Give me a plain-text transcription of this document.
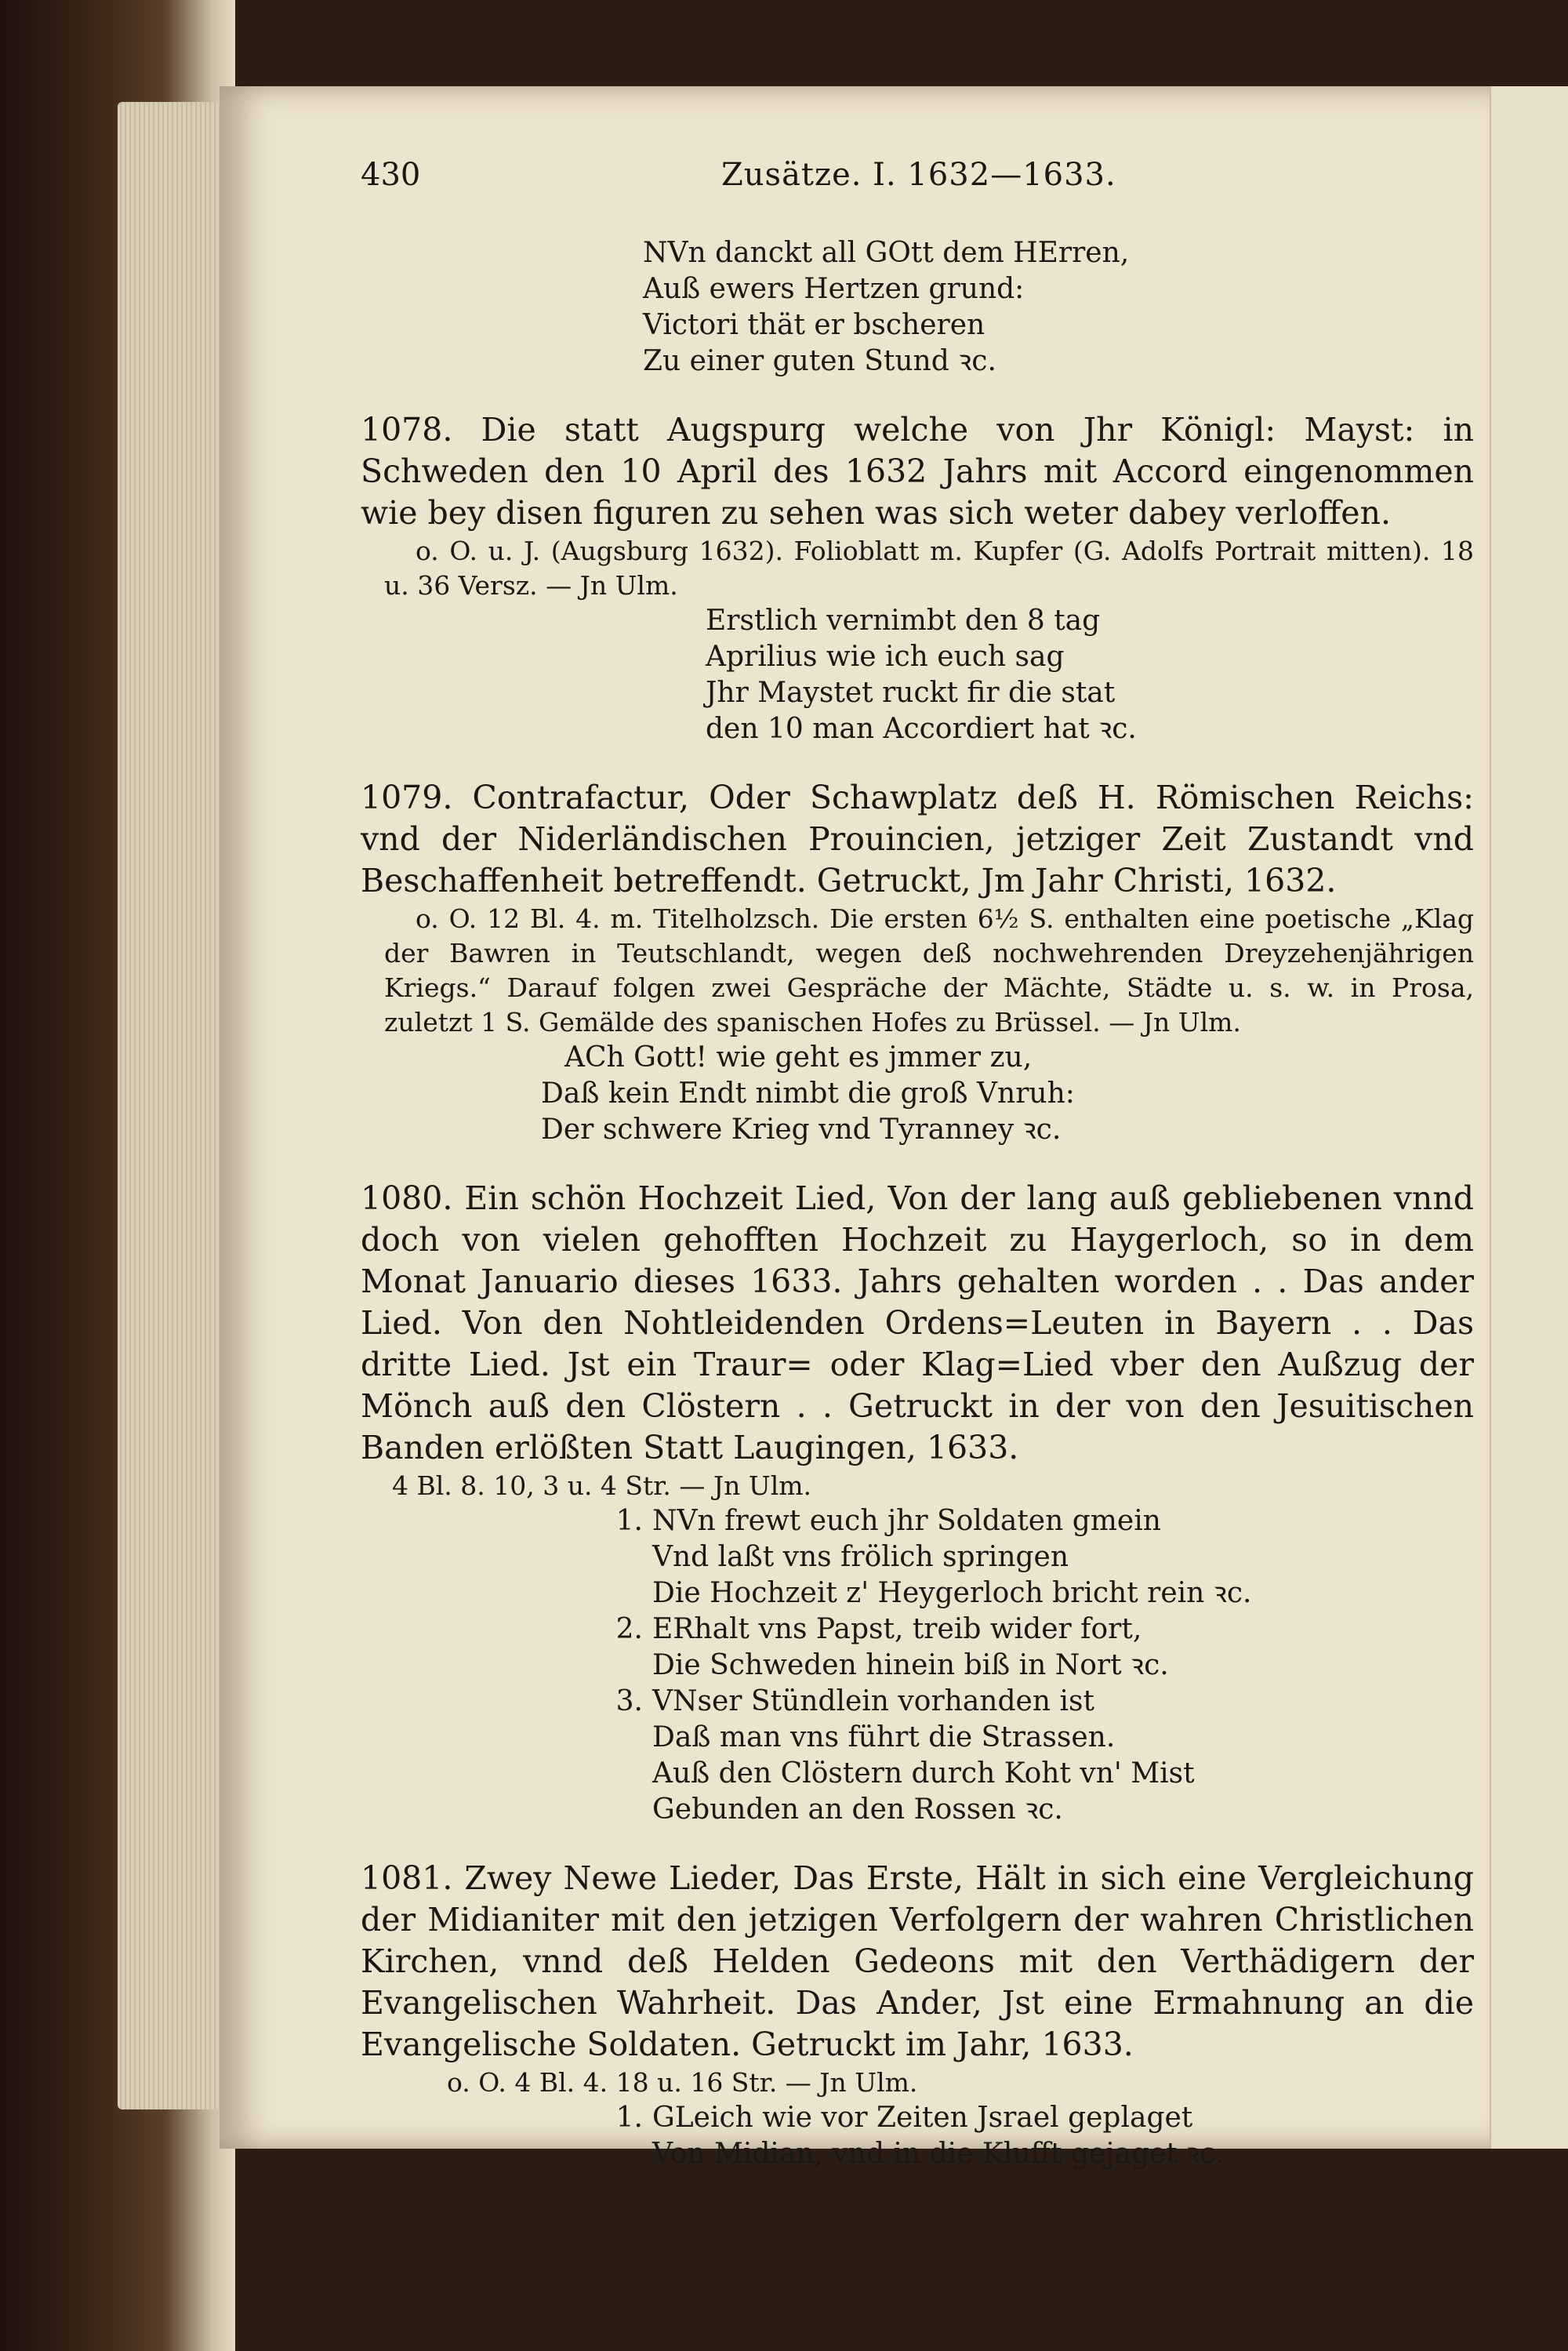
430	Zusätze. I. 1632—1633.
NVn danckt all GOtt dem HErren,
Auß ewers Hertzen grund:
Victori thät er bscheren
Zu einer guten Stund ꝛc.
1078. Die statt Augspurg welche von Jhr Königl: Mayst: in Schweden den 10 April des 1632 Jahrs mit Accord eingenommen wie bey disen figuren zu sehen was sich weter dabey verloffen.
o. O. u. J. (Augsburg 1632). Folioblatt m. Kupfer (G. Adolfs Portrait mitten). 18 u. 36 Versz. — Jn Ulm.
Erstlich vernimbt den 8 tag
Aprilius wie ich euch sag
Jhr Maystet ruckt fir die stat
den 10 man Accordiert hat ꝛc.
1079. Contrafactur, Oder Schawplatz deß H. Römischen Reichs: vnd der Niderländischen Prouincien, jetziger Zeit Zustandt vnd Beschaffenheit betreffendt. Getruckt, Jm Jahr Christi, 1632.
o. O. 12 Bl. 4. m. Titelholzsch. Die ersten 6½ S. enthalten eine poetische „Klag der Bawren in Teutschlandt, wegen deß nochwehrenden Dreyzehenjährigen Kriegs.“ Darauf folgen zwei Gespräche der Mächte, Städte u. s. w. in Prosa, zuletzt 1 S. Gemälde des spanischen Hofes zu Brüssel. — Jn Ulm.
ACh Gott! wie geht es jmmer zu,
Daß kein Endt nimbt die groß Vnruh:
Der schwere Krieg vnd Tyranney ꝛc.
1080. Ein schön Hochzeit Lied, Von der lang auß gebliebenen vnnd doch von vielen gehofften Hochzeit zu Haygerloch, so in dem Monat Januario dieses 1633. Jahrs gehalten worden . . Das ander Lied. Von den Nohtleidenden Ordens=Leuten in Bayern . . Das dritte Lied. Jst ein Traur= oder Klag=Lied vber den Außzug der Mönch auß den Clöstern . . Getruckt in der von den Jesuitischen Banden erlößten Statt Laugingen, 1633.
4 Bl. 8. 10, 3 u. 4 Str. — Jn Ulm.
1. NVn frewt euch jhr Soldaten gmein
Vnd laßt vns frölich springen
Die Hochzeit z' Heygerloch bricht rein ꝛc.
2. ERhalt vns Papst, treib wider fort,
Die Schweden hinein biß in Nort ꝛc.
3. VNser Stündlein vorhanden ist
Daß man vns führt die Strassen.
Auß den Clöstern durch Koht vn' Mist
Gebunden an den Rossen ꝛc.
1081. Zwey Newe Lieder, Das Erste, Hält in sich eine Vergleichung der Midianiter mit den jetzigen Verfolgern der wahren Christlichen Kirchen, vnnd deß Helden Gedeons mit den Verthädigern der Evangelischen Wahrheit. Das Ander, Jst eine Ermahnung an die Evangelische Soldaten. Getruckt im Jahr, 1633.
o. O. 4 Bl. 4. 18 u. 16 Str. — Jn Ulm.
1. GLeich wie vor Zeiten Jsrael geplaget
Von Midian, vnd in die Klufft gejaget ꝛc.
